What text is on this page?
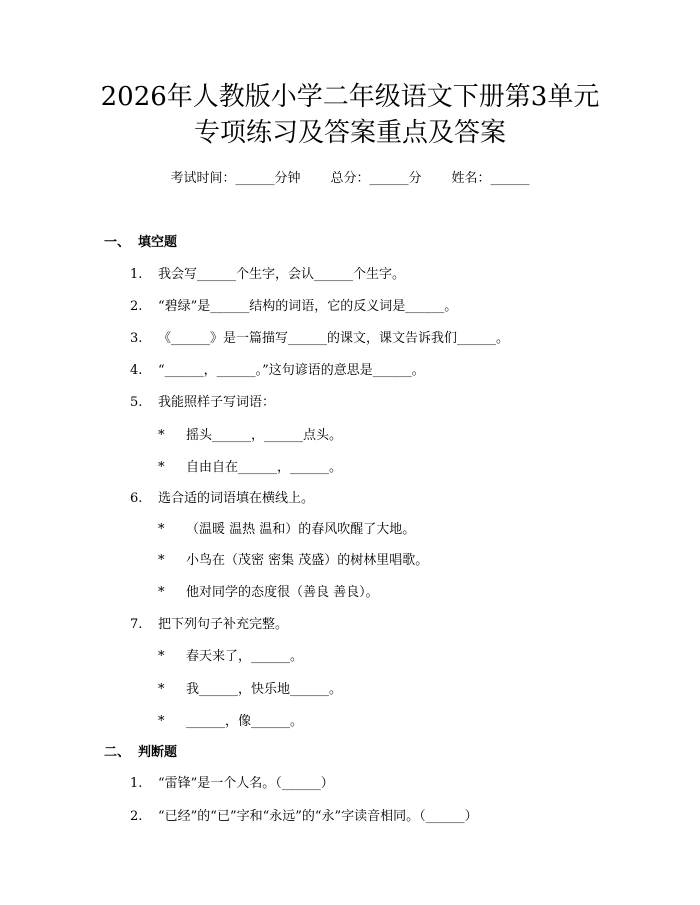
2026年人教版小学二年级语文下册第3单元
专项练习及答案重点及答案
考试时间：______分钟 总分：______分 姓名：______
一、 填空题
1. 我会写______个生字，会认______个生字。
2. “碧绿”是______结构的词语，它的反义词是______。
3. 《______》是一篇描写______的课文，课文告诉我们______。
4. “______，______。”这句谚语的意思是______。
5. 我能照样子写词语：
* 摇头______，______点头。
* 自由自在______，______。
6. 选合适的词语填在横线上。
* （温暖 温热 温和）的春风吹醒了大地。
* 小鸟在（茂密 密集 茂盛）的树林里唱歌。
* 他对同学的态度很（善良 善良）。
7. 把下列句子补充完整。
* 春天来了，______。
* 我______，快乐地______。
* ______，像______。
二、 判断题
1. “雷锋”是一个人名。（______）
2. “已经”的“已”字和“永远”的“永”字读音相同。（______）
